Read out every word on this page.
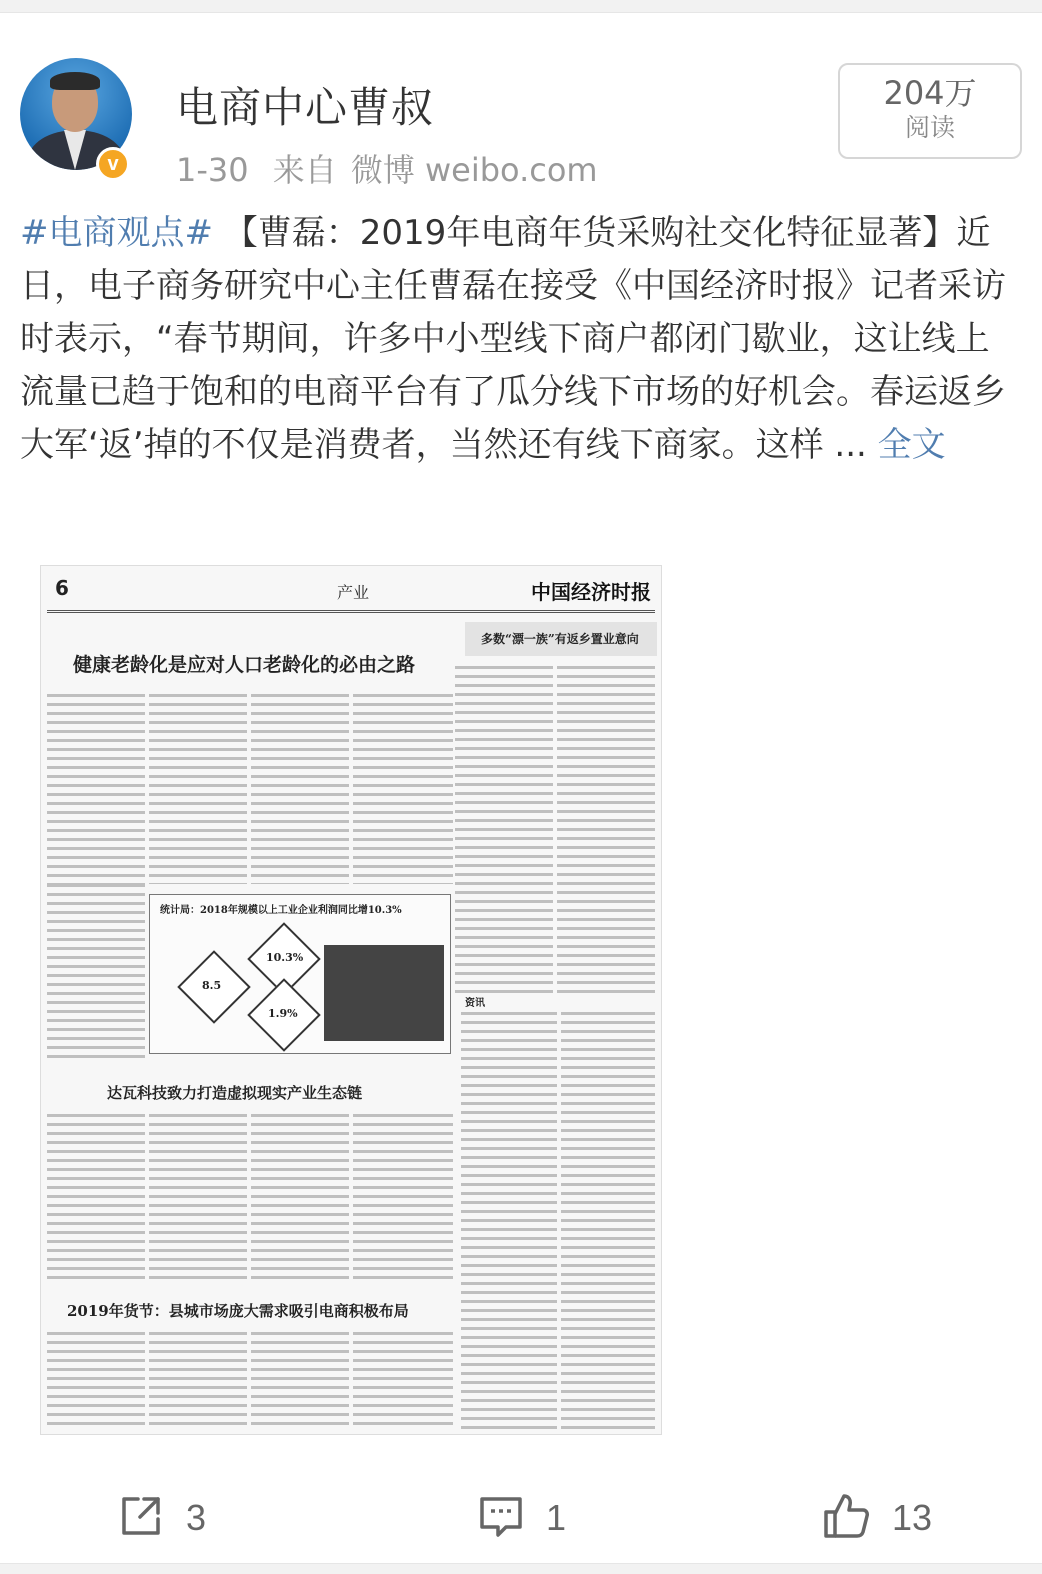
v
电商中心曹叔
1-30 来自 微博 weibo.com
204万
阅读
#电商观点# 【曹磊：2019年电商年货采购社交化特征显著】近日，电子商务研究中心主任曹磊在接受《中国经济时报》记者采访时表示，“春节期间，许多中小型线下商户都闭门歇业，这让线上流量已趋于饱和的电商平台有了瓜分线下市场的好机会。春运返乡大军‘返’掉的不仅是消费者，当然还有线下商家。这样 ... 全文
6	产业	中国经济时报
健康老龄化是应对人口老龄化的必由之路
多数“漂一族”有返乡置业意向
统计局：2018年规模以上工业企业利润同比增10.3%
10.3%
8.5
1.9%
达瓦科技致力打造虚拟现实产业生态链
资讯
2019年货节：县城市场庞大需求吸引电商积极布局
3	1	13
